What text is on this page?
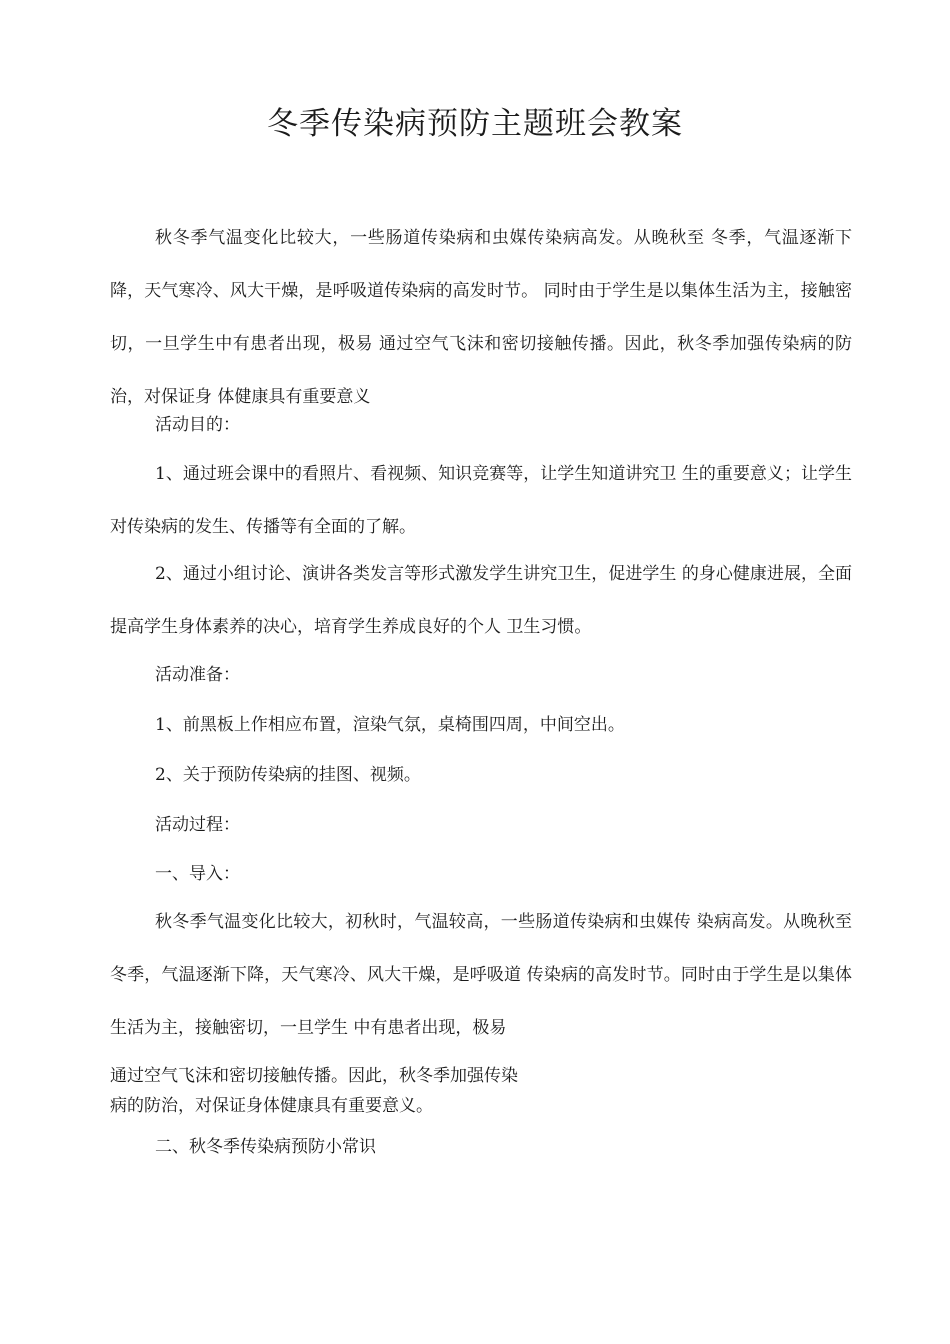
冬季传染病预防主题班会教案

秋冬季气温变化比较大，一些肠道传染病和虫媒传染病高发。从晚秋至 冬季，气温逐渐下降，天气寒冷、风大干燥，是呼吸道传染病的高发时节。 同时由于学生是以集体生活为主，接触密切，一旦学生中有患者出现，极易 通过空气飞沫和密切接触传播。因此，秋冬季加强传染病的防治，对保证身 体健康具有重要意义

活动目的：

1、通过班会课中的看照片、看视频、知识竞赛等，让学生知道讲究卫 生的重要意义；让学生对传染病的发生、传播等有全面的了解。

2、通过小组讨论、演讲各类发言等形式激发学生讲究卫生，促进学生 的身心健康进展，全面提高学生身体素养的决心，培育学生养成良好的个人 卫生习惯。

活动准备：
1、前黑板上作相应布置，渲染气氛，桌椅围四周，中间空出。
2、关于预防传染病的挂图、视频。
活动过程：
一、导入：

秋冬季气温变化比较大，初秋时，气温较高，一些肠道传染病和虫媒传 染病高发。从晚秋至冬季，气温逐渐下降，天气寒冷、风大干燥，是呼吸道 传染病的高发时节。同时由于学生是以集体生活为主，接触密切，一旦学生 中有患者出现，极易

通过空气飞沫和密切接触传播。因此，秋冬季加强传染
病的防治，对保证身体健康具有重要意义。
二、秋冬季传染病预防小常识
